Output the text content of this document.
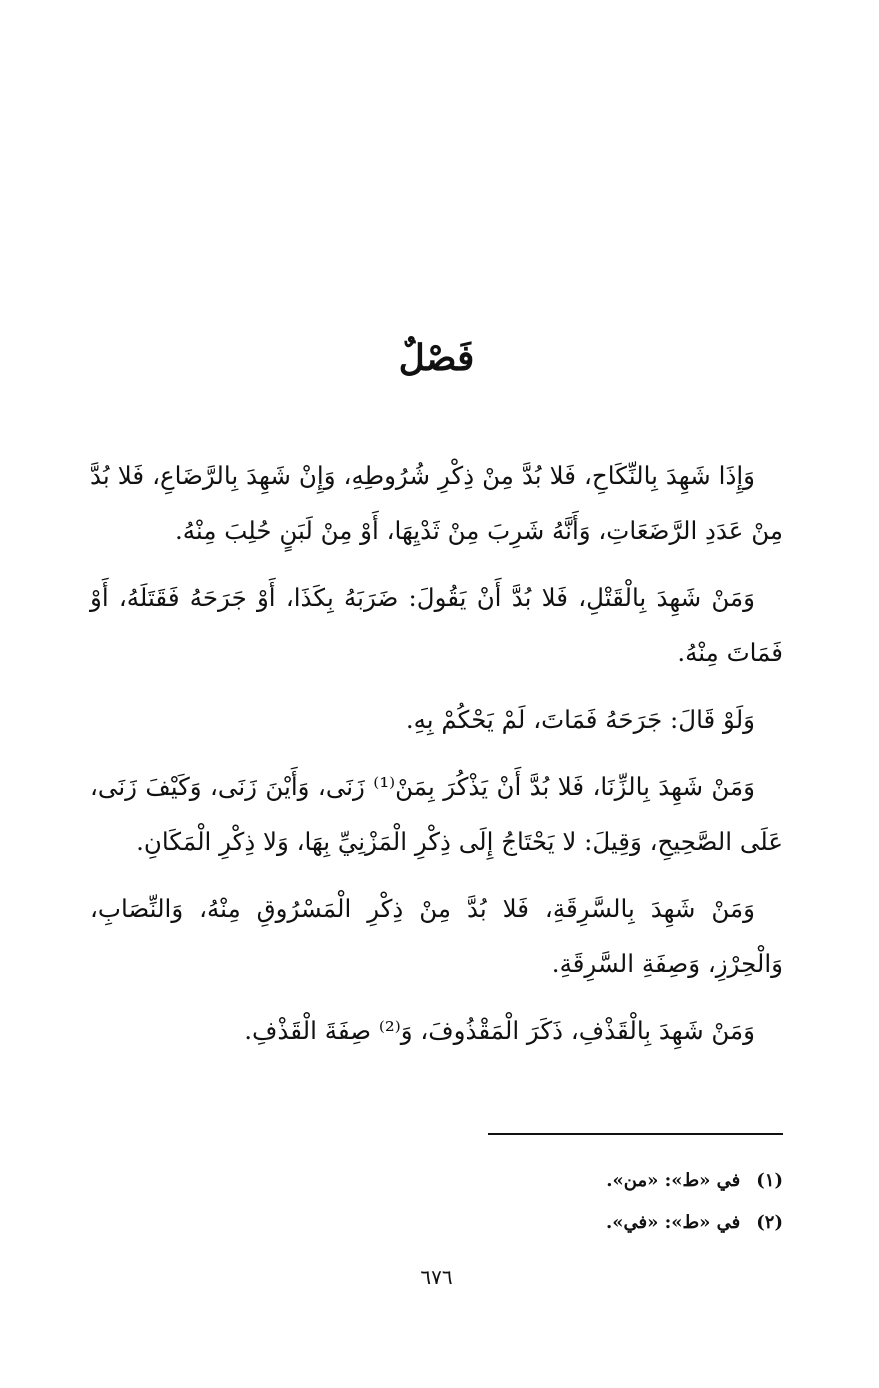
فَصْلٌ

وَإِذَا شَهِدَ بِالنِّكَاحِ، فَلا بُدَّ مِنْ ذِكْرِ شُرُوطِهِ، وَإِنْ شَهِدَ بِالرَّضَاعِ، فَلا بُدَّ مِنْ عَدَدِ الرَّضَعَاتِ، وَأَنَّهُ شَرِبَ مِنْ ثَدْيِهَا، أَوْ مِنْ لَبَنٍ حُلِبَ مِنْهُ.

وَمَنْ شَهِدَ بِالْقَتْلِ، فَلا بُدَّ أَنْ يَقُولَ: ضَرَبَهُ بِكَذَا، أَوْ جَرَحَهُ فَقَتَلَهُ، أَوْ فَمَاتَ مِنْهُ.

وَلَوْ قَالَ: جَرَحَهُ فَمَاتَ، لَمْ يَحْكُمْ بِهِ.

وَمَنْ شَهِدَ بِالزِّنَا، فَلا بُدَّ أَنْ يَذْكُرَ بِمَنْ⁽¹⁾ زَنَى، وَأَيْنَ زَنَى، وَكَيْفَ زَنَى، عَلَى الصَّحِيحِ، وَقِيلَ: لا يَحْتَاجُ إِلَى ذِكْرِ الْمَزْنِيِّ بِهَا، وَلا ذِكْرِ الْمَكَانِ.

وَمَنْ شَهِدَ بِالسَّرِقَةِ، فَلا بُدَّ مِنْ ذِكْرِ الْمَسْرُوقِ مِنْهُ، وَالنِّصَابِ، وَالْحِرْزِ، وَصِفَةِ السَّرِقَةِ.

وَمَنْ شَهِدَ بِالْقَذْفِ، ذَكَرَ الْمَقْذُوفَ، وَ⁽²⁾ صِفَةَ الْقَذْفِ.

(١)
في «ط»: «من».
(٢)
في «ط»: «في».
٦٧٦
